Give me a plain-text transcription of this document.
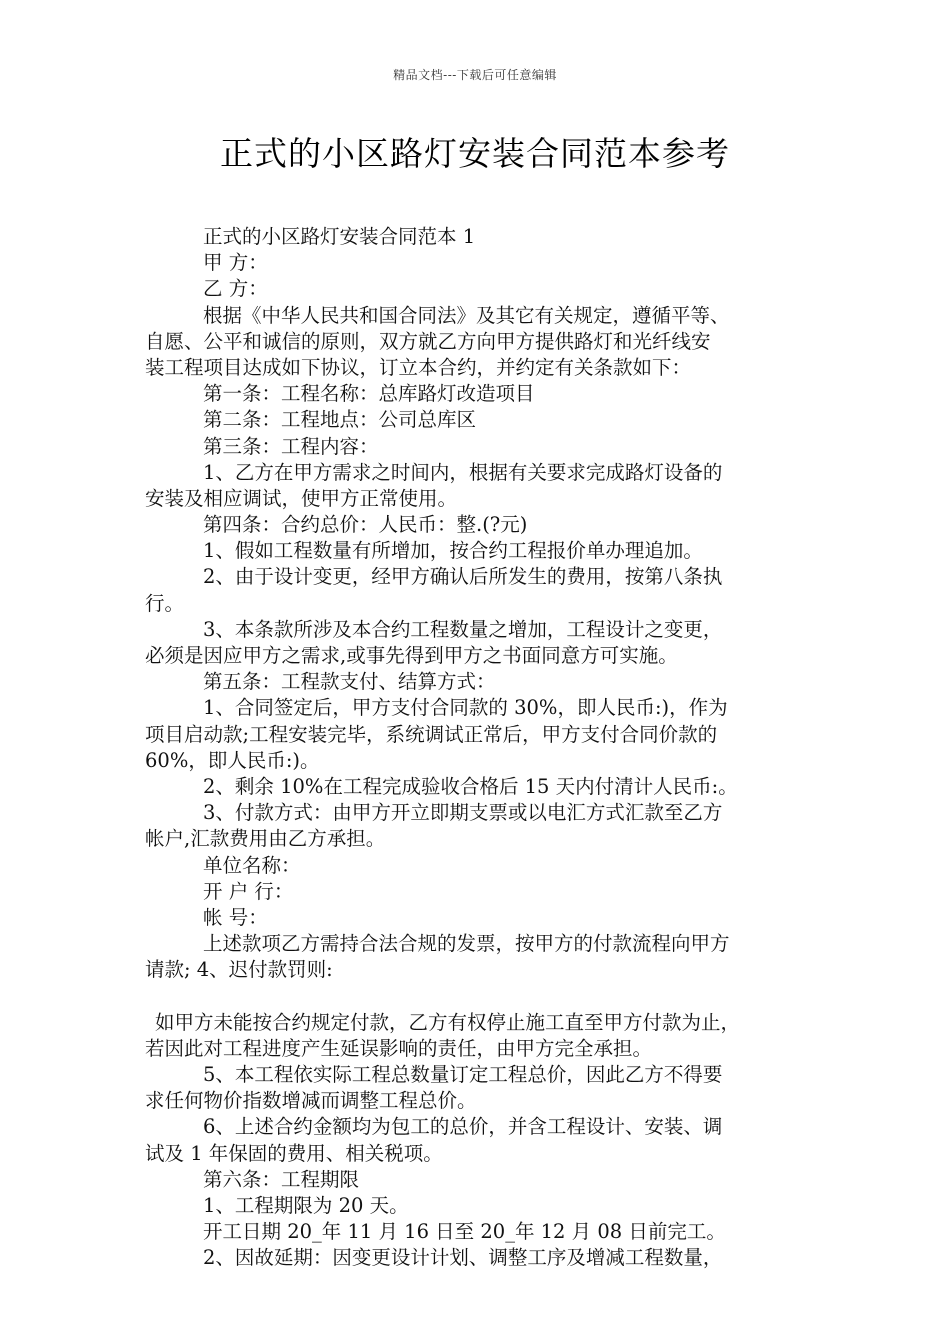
精品文档---下载后可任意编辑
正式的小区路灯安装合同范本参考
正式的小区路灯安装合同范本 1
甲 方：
乙 方：
根据《中华人民共和国合同法》及其它有关规定，遵循平等、
自愿、公平和诚信的原则，双方就乙方向甲方提供路灯和光纤线安
装工程项目达成如下协议，订立本合约，并约定有关条款如下：
第一条：工程名称：总库路灯改造项目
第二条：工程地点：公司总库区
第三条：工程内容：
1、乙方在甲方需求之时间内，根据有关要求完成路灯设备的
安装及相应调试，使甲方正常使用。
第四条：合约总价：人民币：整.(?元)
1、假如工程数量有所增加，按合约工程报价单办理追加。
2、由于设计变更，经甲方确认后所发生的费用，按第八条执
行。
3、本条款所涉及本合约工程数量之增加，工程设计之变更，
必须是因应甲方之需求,或事先得到甲方之书面同意方可实施。
第五条：工程款支付、结算方式：
1、合同签定后，甲方支付合同款的 30%，即人民币:)，作为
项目启动款;工程安装完毕，系统调试正常后，甲方支付合同价款的
60%，即人民币:)。
2、剩余 10%在工程完成验收合格后 15 天内付清计人民币:。
3、付款方式：由甲方开立即期支票或以电汇方式汇款至乙方
帐户,汇款费用由乙方承担。
单位名称：
开 户 行：
帐 号：
上述款项乙方需持合法合规的发票，按甲方的付款流程向甲方
请款; 4、迟付款罚则:
如甲方未能按合约规定付款，乙方有权停止施工直至甲方付款为止，
若因此对工程进度产生延误影响的责任，由甲方完全承担。
5、本工程依实际工程总数量订定工程总价，因此乙方不得要
求任何物价指数增减而调整工程总价。
6、上述合约金额均为包工的总价，并含工程设计、安装、调
试及 1 年保固的费用、相关税项。
第六条：工程期限
1、工程期限为 20 天。
开工日期 20_年 11 月 16 日至 20_年 12 月 08 日前完工。
2、因故延期：因变更设计计划、调整工序及增减工程数量，
